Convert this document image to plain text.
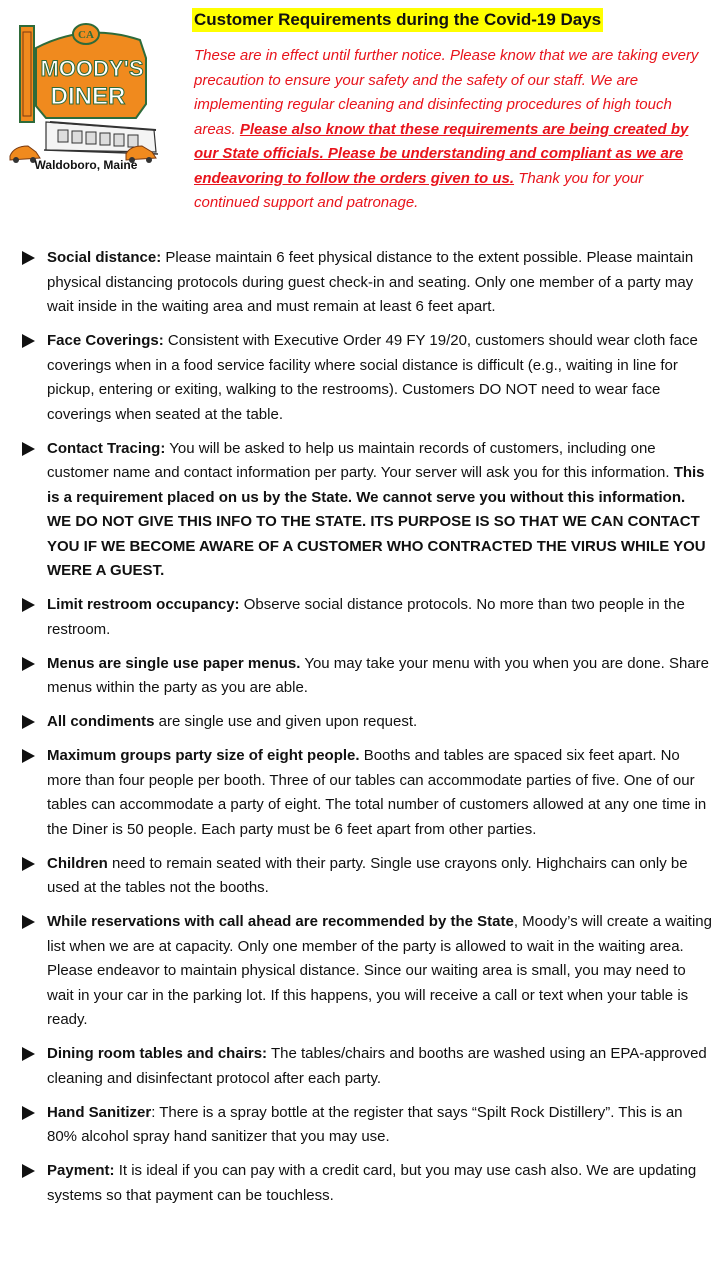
CA
MOODY'S
DINER
Waldoboro, Maine
Customer Requirements during the Covid-19 Days
These are in effect until further notice. Please know that we are taking every precaution to ensure your safety and the safety of our staff. We are implementing regular cleaning and disinfecting procedures of high touch areas. Please also know that these requirements are being created by our State officials. Please be understanding and compliant as we are endeavoring to follow the orders given to us. Thank you for your continued support and patronage.
Social distance: Please maintain 6 feet physical distance to the extent possible. Please maintain physical distancing protocols during guest check-in and seating. Only one member of a party may wait inside in the waiting area and must remain at least 6 feet apart.
Face Coverings: Consistent with Executive Order 49 FY 19/20, customers should wear cloth face coverings when in a food service facility where social distance is difficult (e.g., waiting in line for pickup, entering or exiting, walking to the restrooms). Customers DO NOT need to wear face coverings when seated at the table.
Contact Tracing: You will be asked to help us maintain records of customers, including one customer name and contact information per party. Your server will ask you for this information. This is a requirement placed on us by the State. We cannot serve you without this information. WE DO NOT GIVE THIS INFO TO THE STATE. ITS PURPOSE IS SO THAT WE CAN CONTACT YOU IF WE BECOME AWARE OF A CUSTOMER WHO CONTRACTED THE VIRUS WHILE YOU WERE A GUEST.
Limit restroom occupancy: Observe social distance protocols. No more than two people in the restroom.
Menus are single use paper menus. You may take your menu with you when you are done. Share menus within the party as you are able.
All condiments are single use and given upon request.
Maximum groups party size of eight people. Booths and tables are spaced six feet apart. No more than four people per booth. Three of our tables can accommodate parties of five. One of our tables can accommodate a party of eight. The total number of customers allowed at any one time in the Diner is 50 people. Each party must be 6 feet apart from other parties.
Children need to remain seated with their party. Single use crayons only. Highchairs can only be used at the tables not the booths.
While reservations with call ahead are recommended by the State, Moody’s will create a waiting list when we are at capacity. Only one member of the party is allowed to wait in the waiting area. Please endeavor to maintain physical distance. Since our waiting area is small, you may need to wait in your car in the parking lot. If this happens, you will receive a call or text when your table is ready.
Dining room tables and chairs: The tables/chairs and booths are washed using an EPA-approved cleaning and disinfectant protocol after each party.
Hand Sanitizer: There is a spray bottle at the register that says “Spilt Rock Distillery”. This is an 80% alcohol spray hand sanitizer that you may use.
Payment: It is ideal if you can pay with a credit card, but you may use cash also. We are updating systems so that payment can be touchless.
